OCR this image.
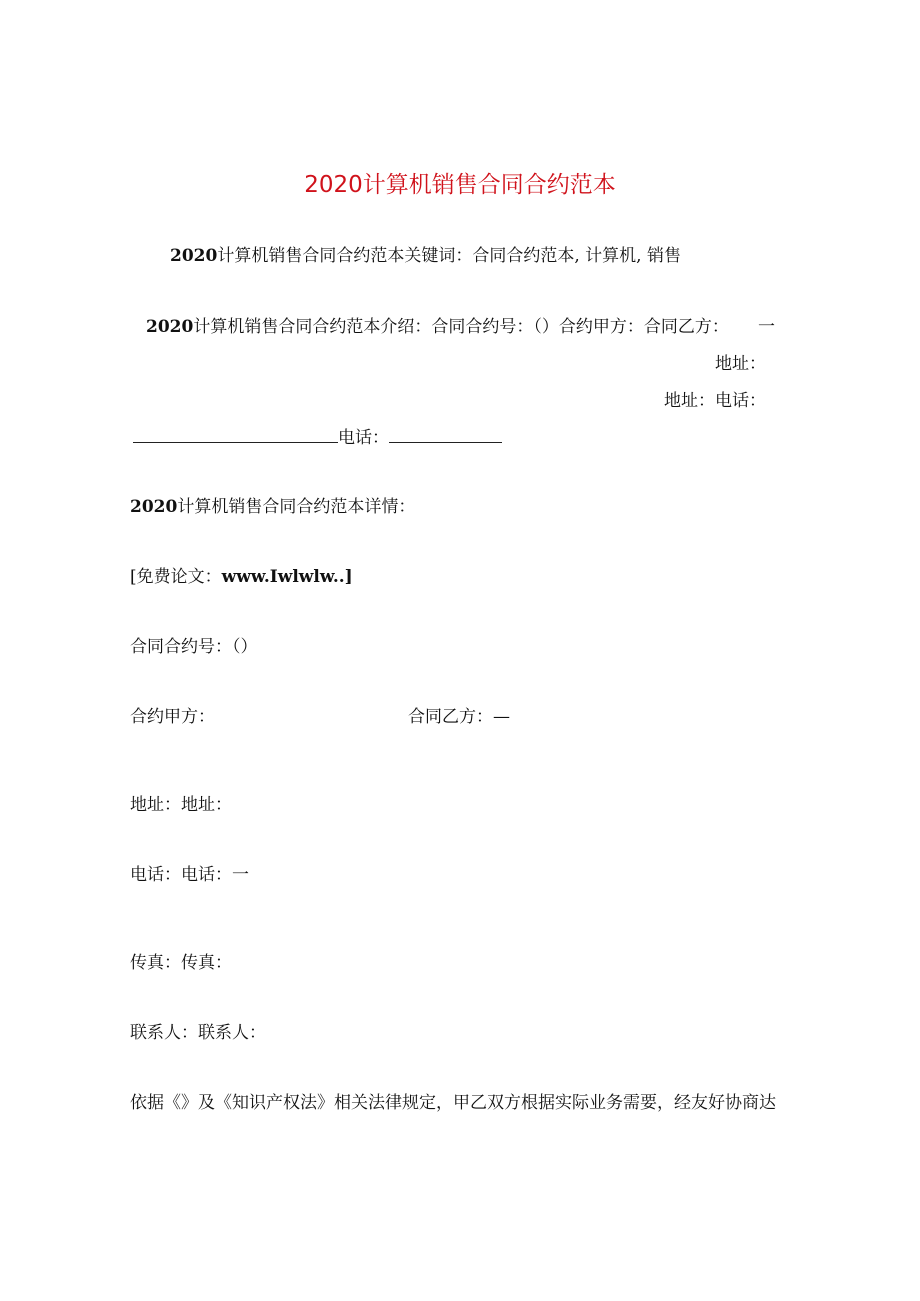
2020计算机销售合同合约范本
2020计算机销售合同合约范本关键词：合同合约范本, 计算机, 销售
2020计算机销售合同合约范本介绍：合同合约号：（）合约甲方：合同乙方： 一
地址：
地址：电话：
电话：
2020计算机销售合同合约范本详情：
[免费论文：www.Iwlwlw..]
合同合约号：（）
合约甲方：	合同乙方：—
地址：地址：
电话：电话：一
传真：传真：
联系人：联系人：
依据《》及《知识产权法》相关法律规定，甲乙双方根据实际业务需要，经友好协商达
